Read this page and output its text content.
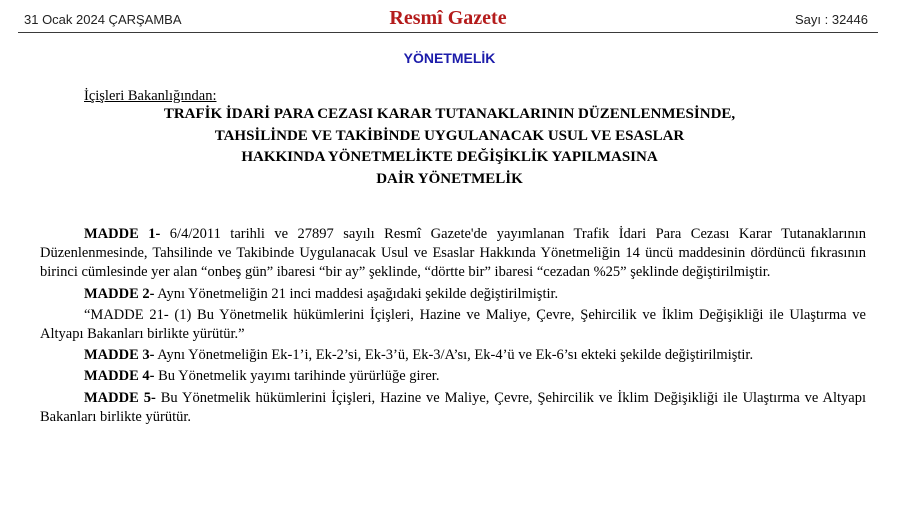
31 Ocak 2024 ÇARŞAMBA	Resmî Gazete	Sayı : 32446
YÖNETMELİK
İçişleri Bakanlığından:
TRAFİK İDARİ PARA CEZASI KARAR TUTANAKLARININ DÜZENLENMESİNDE,
TAHSİLİNDE VE TAKİBİNDE UYGULANACAK USUL VE ESASLAR
HAKKINDA YÖNETMELİKTE DEĞİŞİKLİK YAPILMASINA
DAİR YÖNETMELİK

MADDE 1- 6/4/2011 tarihli ve 27897 sayılı Resmî Gazete'de yayımlanan Trafik İdari Para Cezası Karar Tutanaklarının Düzenlenmesinde, Tahsilinde ve Takibinde Uygulanacak Usul ve Esaslar Hakkında Yönetmeliğin 14 üncü maddesinin dördüncü fıkrasının birinci cümlesinde yer alan “onbeş gün” ibaresi “bir ay” şeklinde, “dörtte bir” ibaresi “cezadan %25” şeklinde değiştirilmiştir.

MADDE 2- Aynı Yönetmeliğin 21 inci maddesi aşağıdaki şekilde değiştirilmiştir.

“MADDE 21- (1) Bu Yönetmelik hükümlerini İçişleri, Hazine ve Maliye, Çevre, Şehircilik ve İklim Değişikliği ile Ulaştırma ve Altyapı Bakanları birlikte yürütür.”

MADDE 3- Aynı Yönetmeliğin Ek-1’i, Ek-2’si, Ek-3’ü, Ek-3/A’sı, Ek-4’ü ve Ek-6’sı ekteki şekilde değiştirilmiştir.

MADDE 4- Bu Yönetmelik yayımı tarihinde yürürlüğe girer.

MADDE 5- Bu Yönetmelik hükümlerini İçişleri, Hazine ve Maliye, Çevre, Şehircilik ve İklim Değişikliği ile Ulaştırma ve Altyapı Bakanları birlikte yürütür.
